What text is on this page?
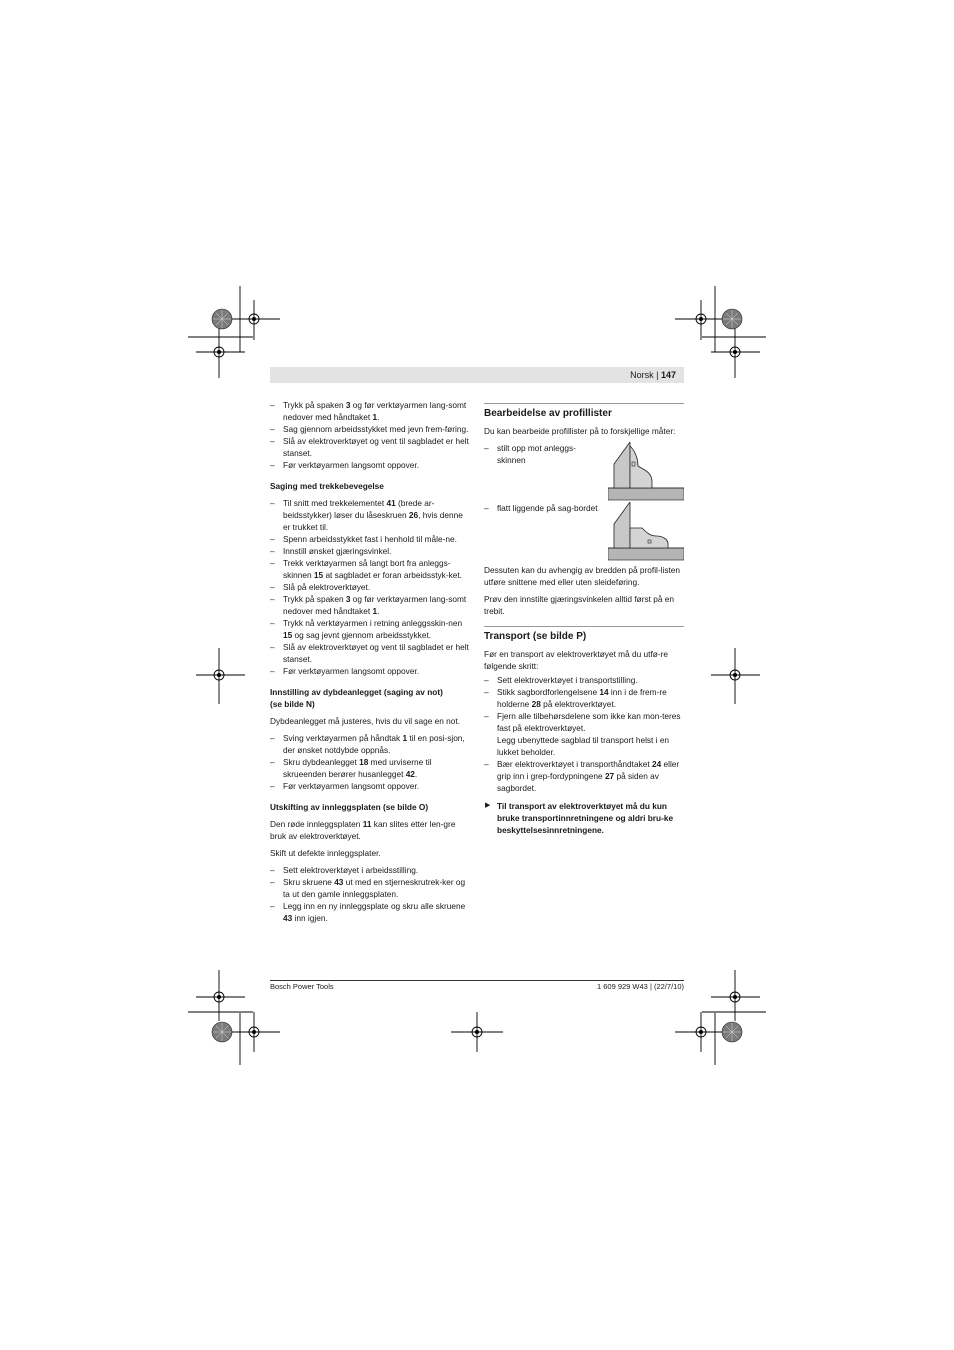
Norsk | 147
– Trykk på spaken 3 og før verktøyarmen lang-somt nedover med håndtaket 1.
– Sag gjennom arbeidsstykket med jevn frem-føring.
– Slå av elektroverktøyet og vent til sagbladet er helt stanset.
– Før verktøyarmen langsomt oppover.
Saging med trekkebevegelse
– Til snitt med trekkelementet 41 (brede ar-beidsstykker) løser du låseskruen 26, hvis denne er trukket til.
– Spenn arbeidsstykket fast i henhold til måle-ne.
– Innstill ønsket gjæringsvinkel.
– Trekk verktøyarmen så langt bort fra anleggs-skinnen 15 at sagbladet er foran arbeidsstyk-ket.
– Slå på elektroverktøyet.
– Trykk på spaken 3 og før verktøyarmen lang-somt nedover med håndtaket 1.
– Trykk nå verktøyarmen i retning anleggsskin-nen 15 og sag jevnt gjennom arbeidsstykket.
– Slå av elektroverktøyet og vent til sagbladet er helt stanset.
– Før verktøyarmen langsomt oppover.
Innstilling av dybdeanlegget (saging av not)
(se bilde N)

Dybdeanlegget må justeres, hvis du vil sage en not.

– Sving verktøyarmen på håndtak 1 til en posi-sjon, der ønsket notdybde oppnås.
– Skru dybdeanlegget 18 med urviserne til skrueenden berører husanlegget 42.
– Før verktøyarmen langsomt oppover.
Utskifting av innleggsplaten (se bilde O)

Den røde innleggsplaten 11 kan slites etter len-gre bruk av elektroverktøyet.

Skift ut defekte innleggsplater.

– Sett elektroverktøyet i arbeidsstilling.
– Skru skruene 43 ut med en stjerneskrutrek-ker og ta ut den gamle innleggsplaten.
– Legg inn en ny innleggsplate og skru alle skruene 43 inn igjen.
Bearbeidelse av profillister

Du kan bearbeide profillister på to forskjellige måter:

– stilt opp mot anleggs-skinnen
– flatt liggende på sag-bordet

Dessuten kan du avhengig av bredden på profil-listen utføre snittene med eller uten sleideføring.

Prøv den innstilte gjæringsvinkelen alltid først på en trebit.

Transport (se bilde P)

Før en transport av elektroverktøyet må du utfø-re følgende skritt:

– Sett elektroverktøyet i transportstilling.
– Stikk sagbordforlengelsene 14 inn i de frem-re holderne 28 på elektroverktøyet.
– Fjern alle tilbehørsdelene som ikke kan mon-teres fast på elektroverktøyet.
Legg ubenyttede sagblad til transport helst i en lukket beholder.
– Bær elektroverktøyet i transporthåndtaket 24 eller grip inn i grep-fordypningene 27 på siden av sagbordet.
▶ Til transport av elektroverktøyet må du kun bruke transportinnretningene og aldri bru-ke beskyttelsesinnretningene.
Bosch Power Tools	1 609 929 W43 | (22/7/10)
